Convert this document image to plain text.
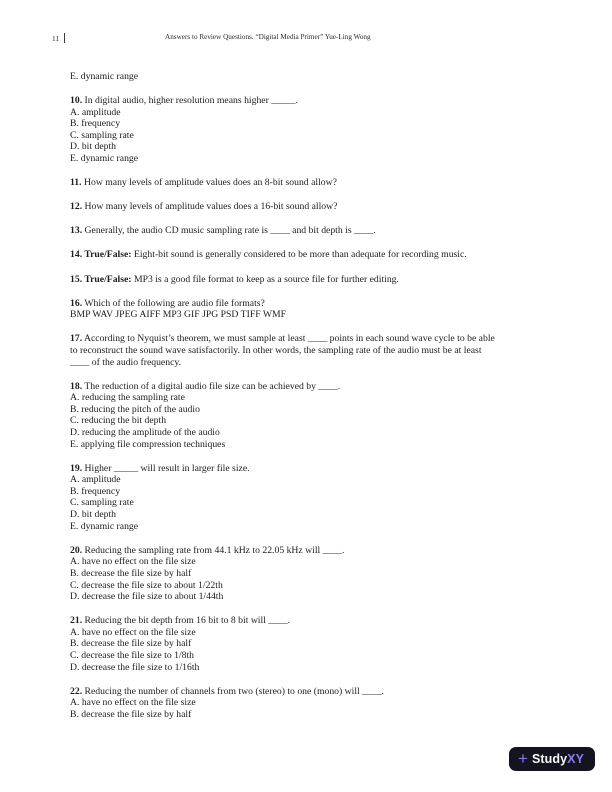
11	Answers to Review Questions. “Digital Media Primer” Yue-Ling Wong
E. dynamic range
10. In digital audio, higher resolution means higher _____.
A. amplitude
B. frequency
C. sampling rate
D. bit depth
E. dynamic range
11. How many levels of amplitude values does an 8-bit sound allow?
12. How many levels of amplitude values does a 16-bit sound allow?
13. Generally, the audio CD music sampling rate is ____ and bit depth is ____.
14. True/False: Eight-bit sound is generally considered to be more than adequate for recording music.
15. True/False: MP3 is a good file format to keep as a source file for further editing.
16. Which of the following are audio file formats?
BMP WAV JPEG AIFF MP3 GIF JPG PSD TIFF WMF
17. According to Nyquist’s theorem, we must sample at least ____ points in each sound wave cycle to be able
to reconstruct the sound wave satisfactorily. In other words, the sampling rate of the audio must be at least
____ of the audio frequency.
18. The reduction of a digital audio file size can be achieved by ____.
A. reducing the sampling rate
B. reducing the pitch of the audio
C. reducing the bit depth
D. reducing the amplitude of the audio
E. applying file compression techniques
19. Higher _____ will result in larger file size.
A. amplitude
B. frequency
C. sampling rate
D. bit depth
E. dynamic range
20. Reducing the sampling rate from 44.1 kHz to 22.05 kHz will ____.
A. have no effect on the file size
B. decrease the file size by half
C. decrease the file size to about 1/22th
D. decrease the file size to about 1/44th
21. Reducing the bit depth from 16 bit to 8 bit will ____.
A. have no effect on the file size
B. decrease the file size by half
C. decrease the file size to 1/8th
D. decrease the file size to 1/16th
22. Reducing the number of channels from two (stereo) to one (mono) will ____.
A. have no effect on the file size
B. decrease the file size by half
+ Study XY
